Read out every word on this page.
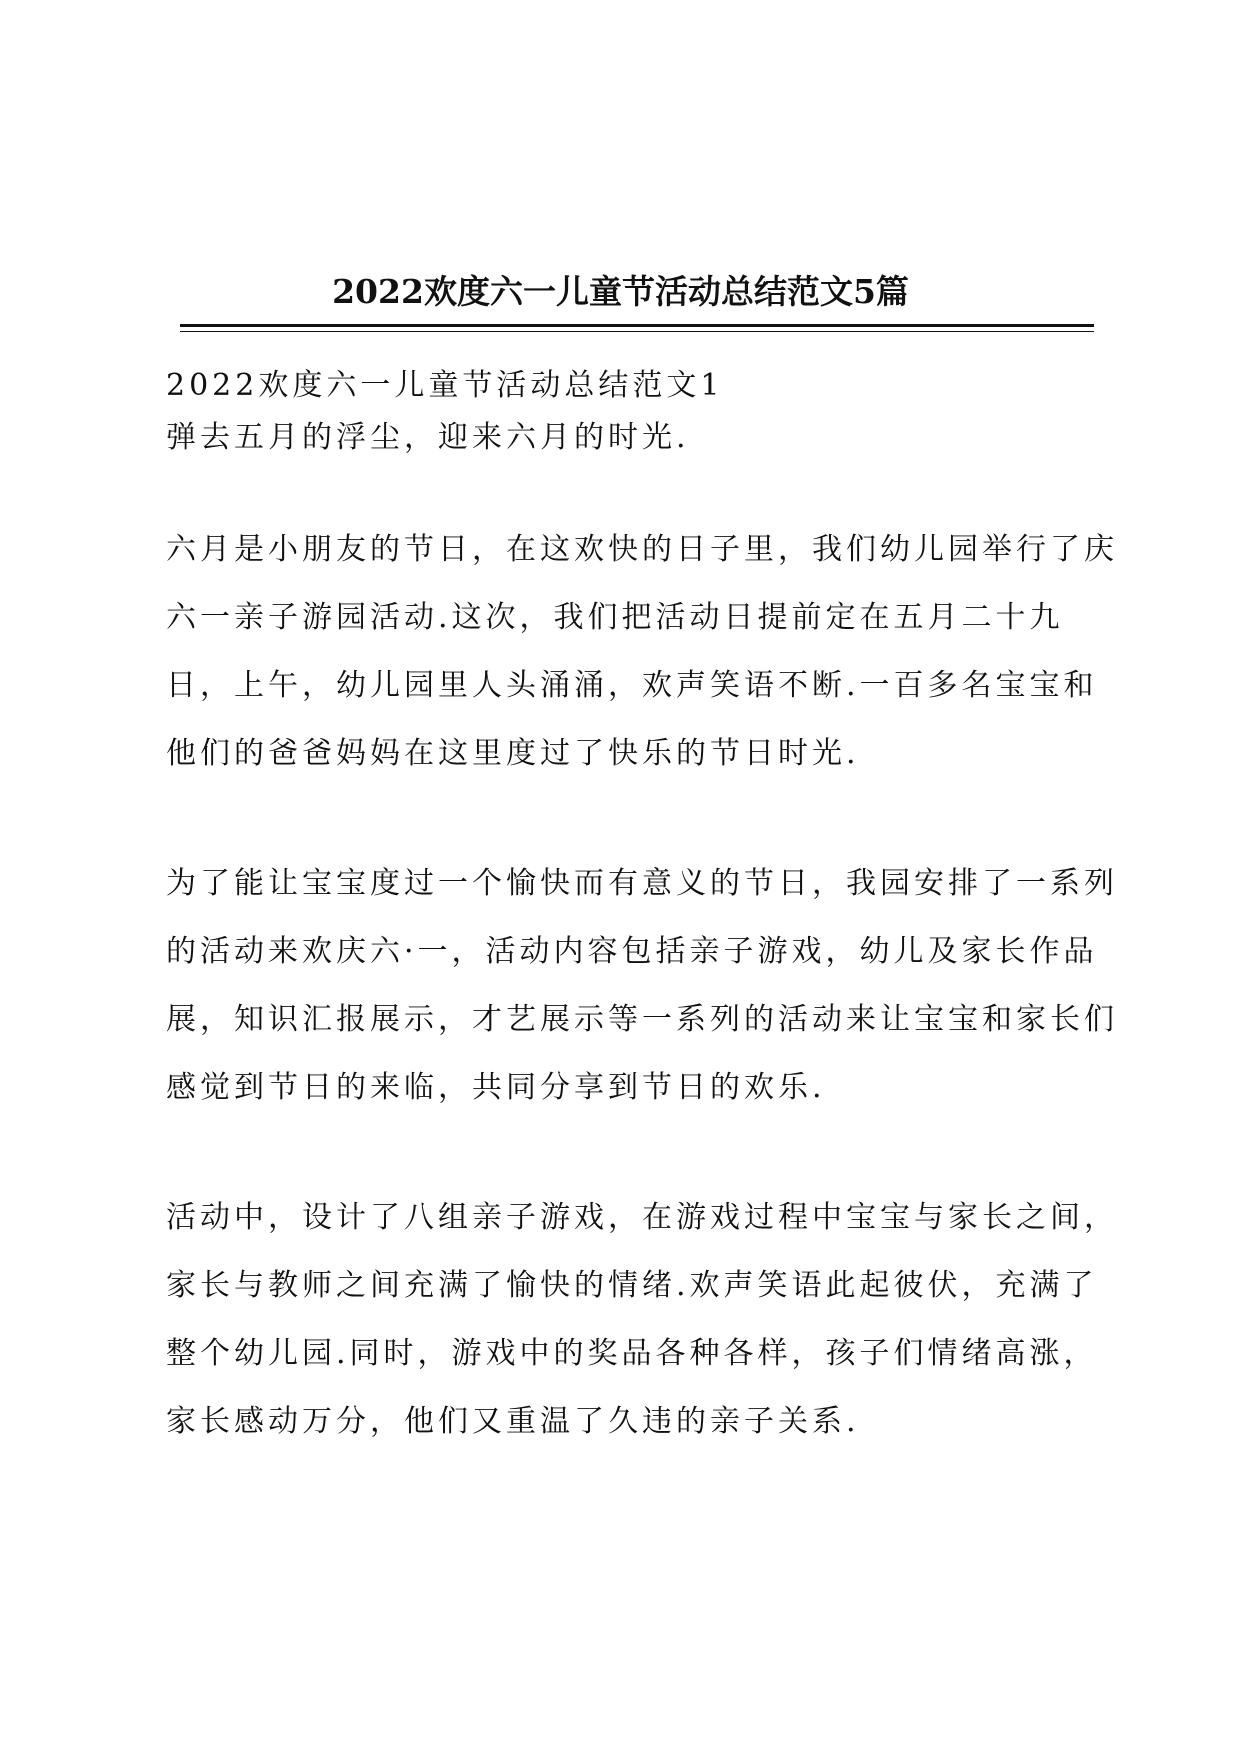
2022欢度六一儿童节活动总结范文5篇
2022欢度六一儿童节活动总结范文1
弹去五月的浮尘，迎来六月的时光.
六月是小朋友的节日，在这欢快的日子里，我们幼儿园举行了庆
六一亲子游园活动.这次，我们把活动日提前定在五月二十九
日，上午，幼儿园里人头涌涌，欢声笑语不断.一百多名宝宝和
他们的爸爸妈妈在这里度过了快乐的节日时光.
为了能让宝宝度过一个愉快而有意义的节日，我园安排了一系列
的活动来欢庆六·一，活动内容包括亲子游戏，幼儿及家长作品
展，知识汇报展示，才艺展示等一系列的活动来让宝宝和家长们
感觉到节日的来临，共同分享到节日的欢乐.
活动中，设计了八组亲子游戏，在游戏过程中宝宝与家长之间，
家长与教师之间充满了愉快的情绪.欢声笑语此起彼伏，充满了
整个幼儿园.同时，游戏中的奖品各种各样，孩子们情绪高涨，
家长感动万分，他们又重温了久违的亲子关系.
